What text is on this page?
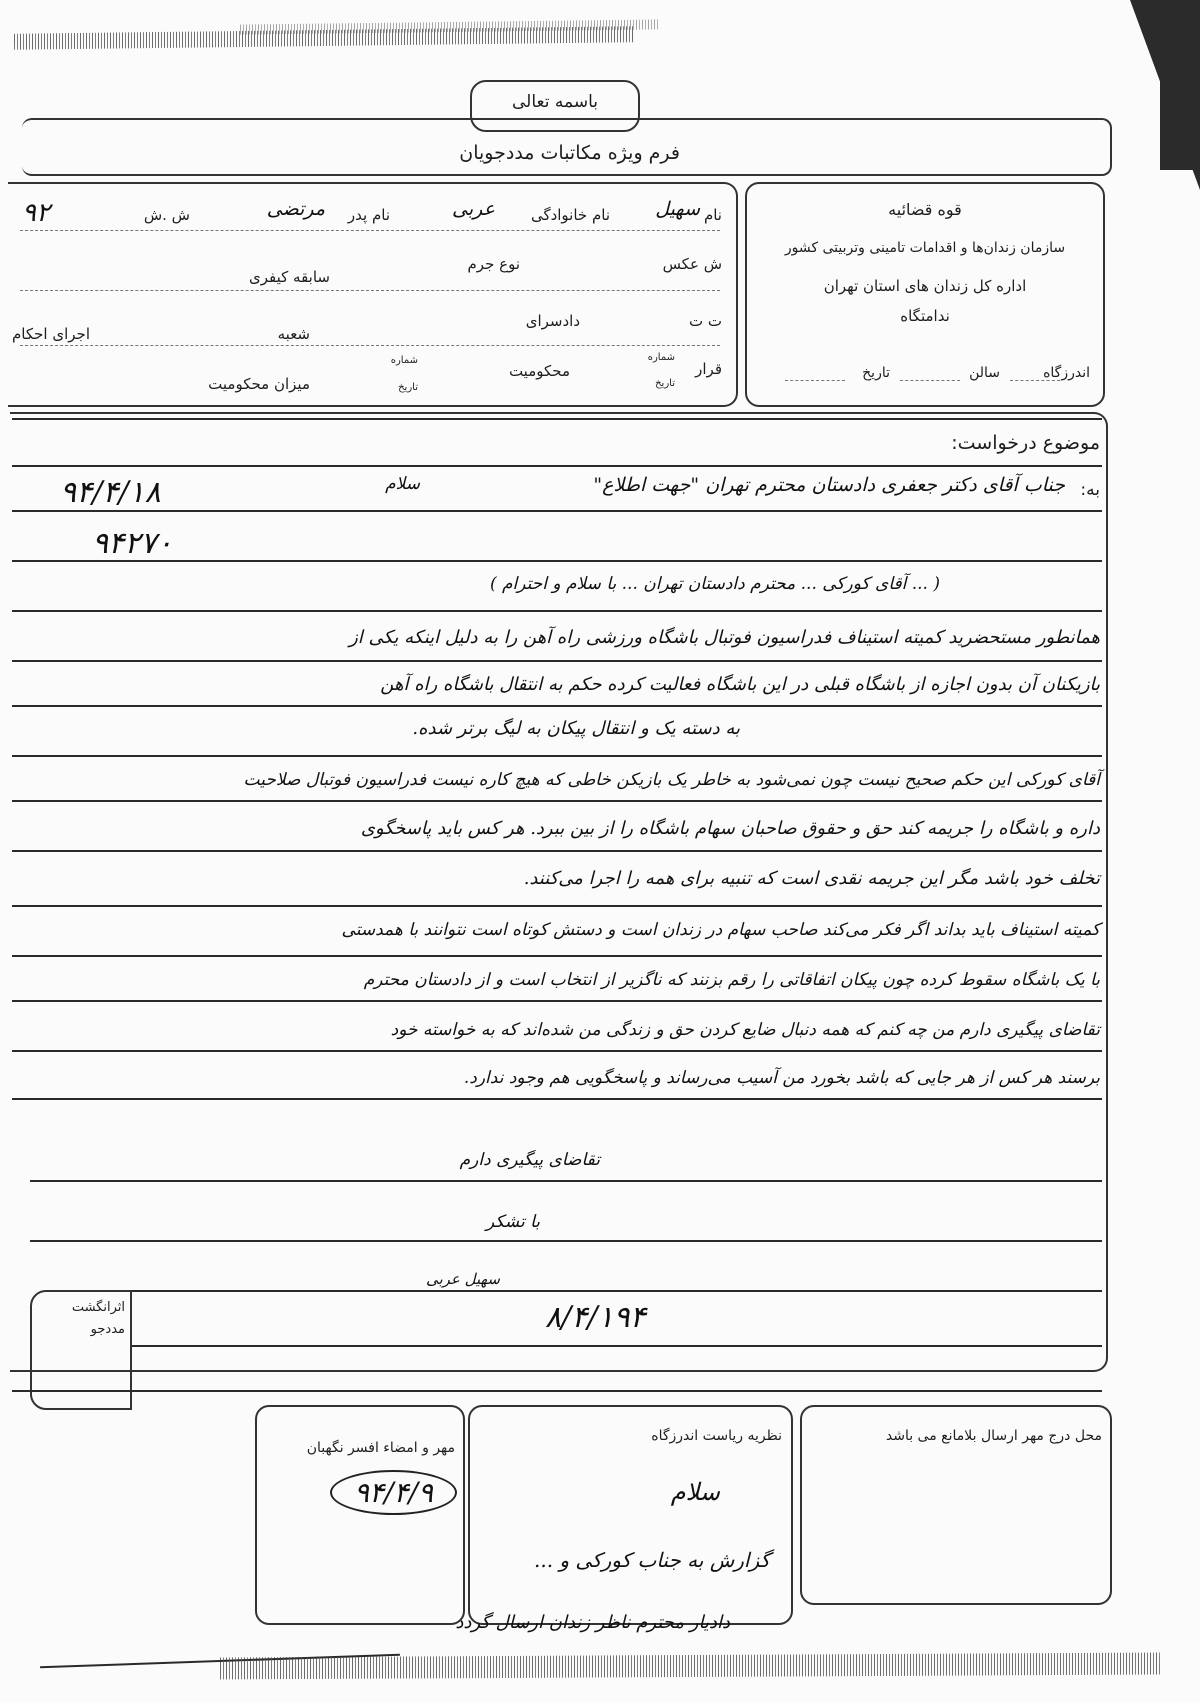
باسمه تعالی
فرم ویژه مکاتبات مددجویان
قوه قضائیه
سازمان زندان‌ها و اقدامات تامینی وتربیتی کشور
اداره کل زندان های استان تهران
ندامتگاه
اندرزگاه
سالن
تاریخ
نام
سهیل
نام خانوادگی
عربی
نام پدر
مرتضی
ش .ش
۹۲
ش عکس
نوع جرم
سابقه کیفری
ت ت
دادسرای
شعبه
اجرای احکام
قرار
شماره
تاریخ
محکومیت
شماره
تاریخ
میزان محکومیت
موضوع درخواست:
به:
جناب آقای دکتر جعفری دادستان محترم تهران "جهت اطلاع"
سلام
۹۴/۴/۱۸
۹۴۲۷۰
( ... آقای کورکی ... محترم دادستان تهران ... با سلام و احترام )
همانطور مستحضرید کمیته استیناف فدراسیون فوتبال باشگاه ورزشی راه آهن را به دلیل اینکه یکی از
بازیکنان آن بدون اجازه از باشگاه قبلی در این باشگاه فعالیت کرده حکم به انتقال باشگاه راه آهن
به دسته یک و انتقال پیکان به لیگ برتر شده.
آقای کورکی این حکم صحیح نیست چون نمی‌شود به خاطر یک بازیکن خاطی که هیچ کاره نیست فدراسیون فوتبال صلاحیت
داره و باشگاه را جریمه کند حق و حقوق صاحبان سهام باشگاه را از بین ببرد. هر کس باید پاسخگوی
تخلف خود باشد مگر این جریمه نقدی است که تنبیه برای همه را اجرا می‌کنند.
کمیته استیناف باید بداند اگر فکر می‌کند صاحب سهام در زندان است و دستش کوتاه است نتوانند با همدستی
با یک باشگاه سقوط کرده چون پیکان اتفاقاتی را رقم بزنند که ناگزیر از انتخاب است و از دادستان محترم
تقاضای پیگیری دارم من چه کنم که همه دنبال ضایع کردن حق و زندگی من شده‌اند که به خواسته خود
برسند هر کس از هر جایی که باشد بخورد من آسیب می‌رساند و پاسخگویی هم وجود ندارد.
تقاضای پیگیری دارم
با تشکر
سهیل عربی
۸/۴/۱۹۴
اثرانگشت
مددجو
محل درج مهر ارسال بلامانع می باشد
نظریه ریاست اندرزگاه
سلام
گزارش به جناب کورکی و ...
دادیار محترم ناظر زندان ارسال گردد
مهر و امضاء افسر نگهبان
۹۴/۴/۹
